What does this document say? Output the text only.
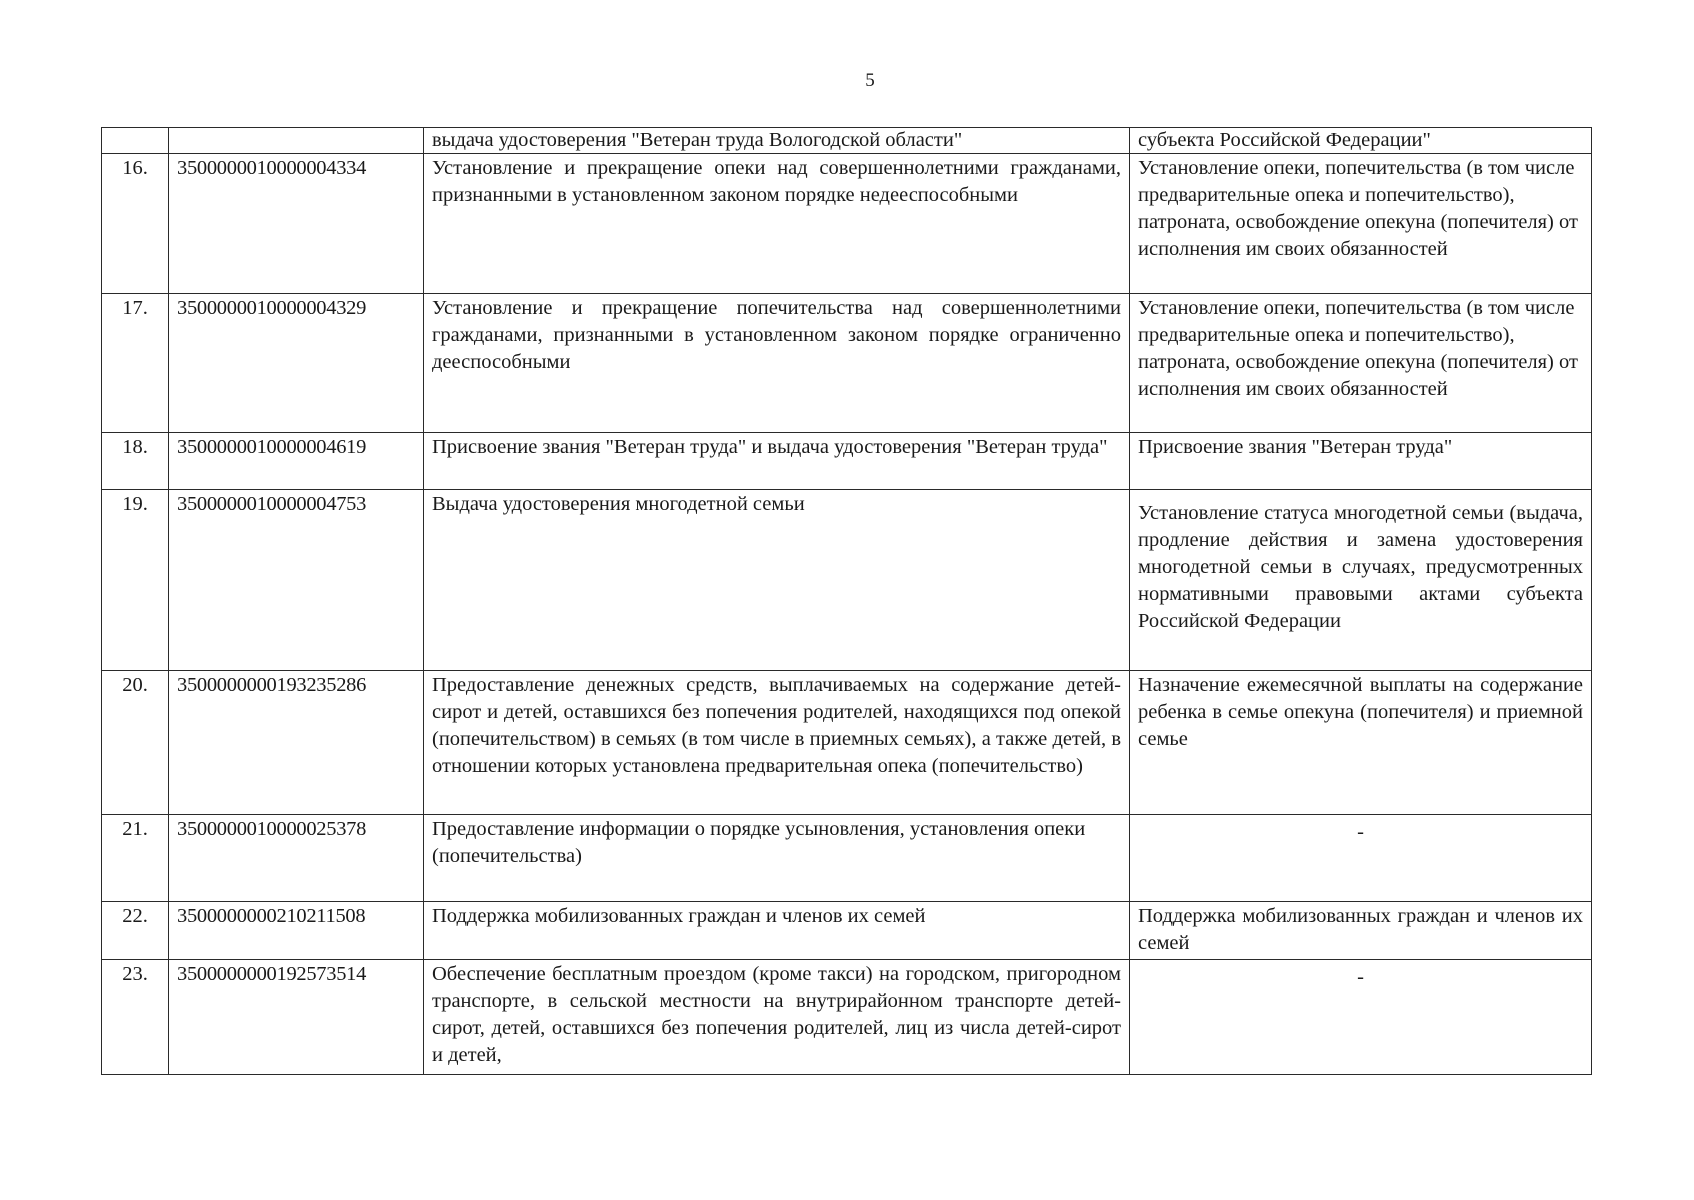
5
		выдача удостоверения "Ветеран труда Вологодской области"	субъекта Российской Федерации"
16.	3500000010000004334	Установление и прекращение опеки над совершеннолетними гражданами, признанными в установленном законом порядке недееспособными	Установление опеки, попечительства (в том числе предварительные опека и попечительство), патроната, освобождение опекуна (попечителя) от исполнения им своих обязанностей
17.	3500000010000004329	Установление и прекращение попечительства над совершеннолетними гражданами, признанными в установленном законом порядке ограниченно дееспособными	Установление опеки, попечительства (в том числе предварительные опека и попечительство), патроната, освобождение опекуна (попечителя) от исполнения им своих обязанностей
18.	3500000010000004619	Присвоение звания "Ветеран труда" и выдача удостоверения "Ветеран труда"	Присвоение звания "Ветеран труда"
19.	3500000010000004753	Выдача удостоверения многодетной семьи	Установление статуса многодетной семьи (выдача, продление действия и замена удостоверения многодетной семьи в случаях, предусмотренных нормативными правовыми актами субъекта Российской Федерации
20.	3500000000193235286	Предоставление денежных средств, выплачиваемых на содержание детей-сирот и детей, оставшихся без попечения родителей, находящихся под опекой (попечительством) в семьях (в том числе в приемных семьях), а также детей, в отношении которых установлена предварительная опека (попечительство)	Назначение ежемесячной выплаты на содержание ребенка в семье опекуна (попечителя) и приемной семье
21.	3500000010000025378	Предоставление информации о порядке усыновления, установления опеки (попечительства)	-
22.	3500000000210211508	Поддержка мобилизованных граждан и членов их семей	Поддержка мобилизованных граждан и членов их семей
23.	3500000000192573514	Обеспечение бесплатным проездом (кроме такси) на городском, пригородном транспорте, в сельской местности на внутрирайонном транспорте детей-сирот, детей, оставшихся без попечения родителей, лиц из числа детей-сирот и детей,	-
